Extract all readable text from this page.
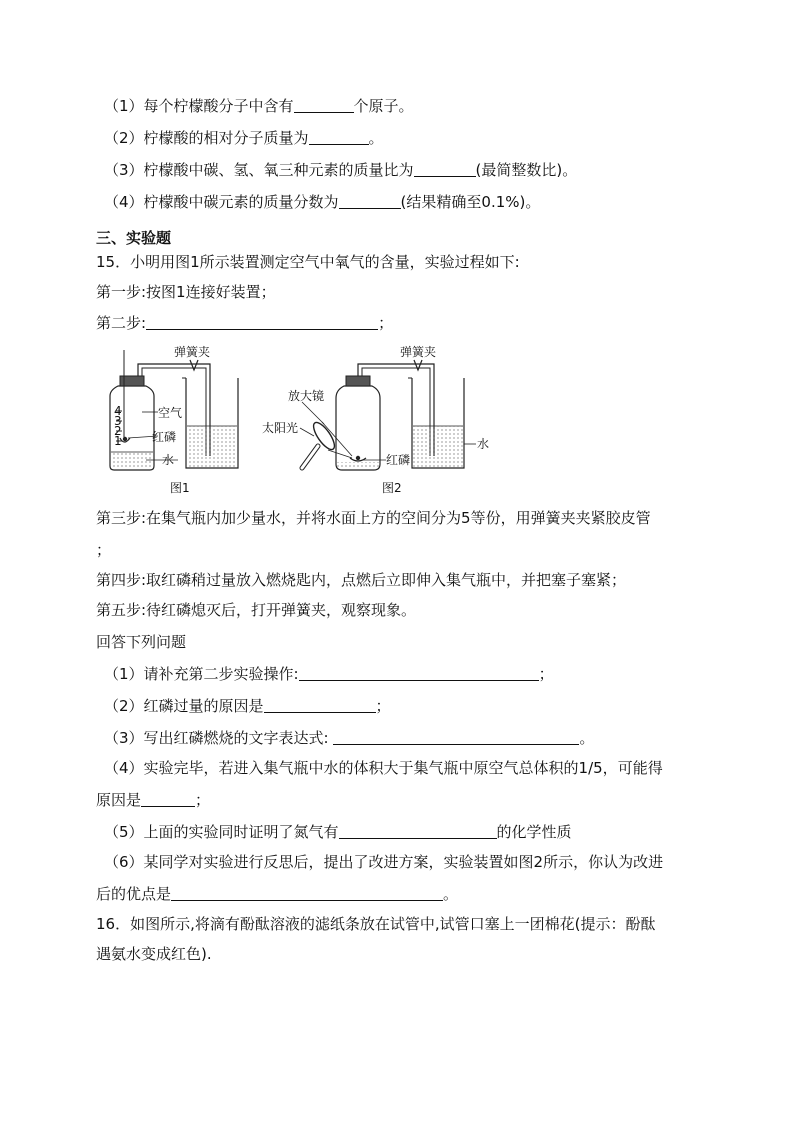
（1）每个柠檬酸分子中含有	个原子。
（2）柠檬酸的相对分子质量为	。
（3）柠檬酸中碳、氢、氧三种元素的质量比为	(最简整数比)。
（4）柠檬酸中碳元素的质量分数为	(结果精确至0.1%)。
三、实验题
15．小明用图1所示装置测定空气中氧气的含量，实验过程如下:
第一步:按图1连接好装置；
第二步:	；
4
3
2
1
弹簧夹
空气
红磷
水
图1
弹簧夹
放大镜
太阳光
红磷
水
图2
第三步:在集气瓶内加少量水，并将水面上方的空间分为5等份，用弹簧夹夹紧胶皮管
；
第四步:取红磷稍过量放入燃烧匙内，点燃后立即伸入集气瓶中，并把塞子塞紧；
第五步:待红磷熄灭后，打开弹簧夹，观察现象。
回答下列问题
（1）请补充第二步实验操作:	；
（2）红磷过量的原因是	；
（3）写出红磷燃烧的文字表达式:	。
（4）实验完毕，若进入集气瓶中水的体积大于集气瓶中原空气总体积的1/5，可能得
原因是	；
（5）上面的实验同时证明了氮气有	的化学性质
（6）某同学对实验进行反思后，提出了改进方案，实验装置如图2所示，你认为改进
后的优点是	。
16．如图所示,将滴有酚酞溶液的滤纸条放在试管中,试管口塞上一团棉花(提示：酚酞
遇氨水变成红色).
